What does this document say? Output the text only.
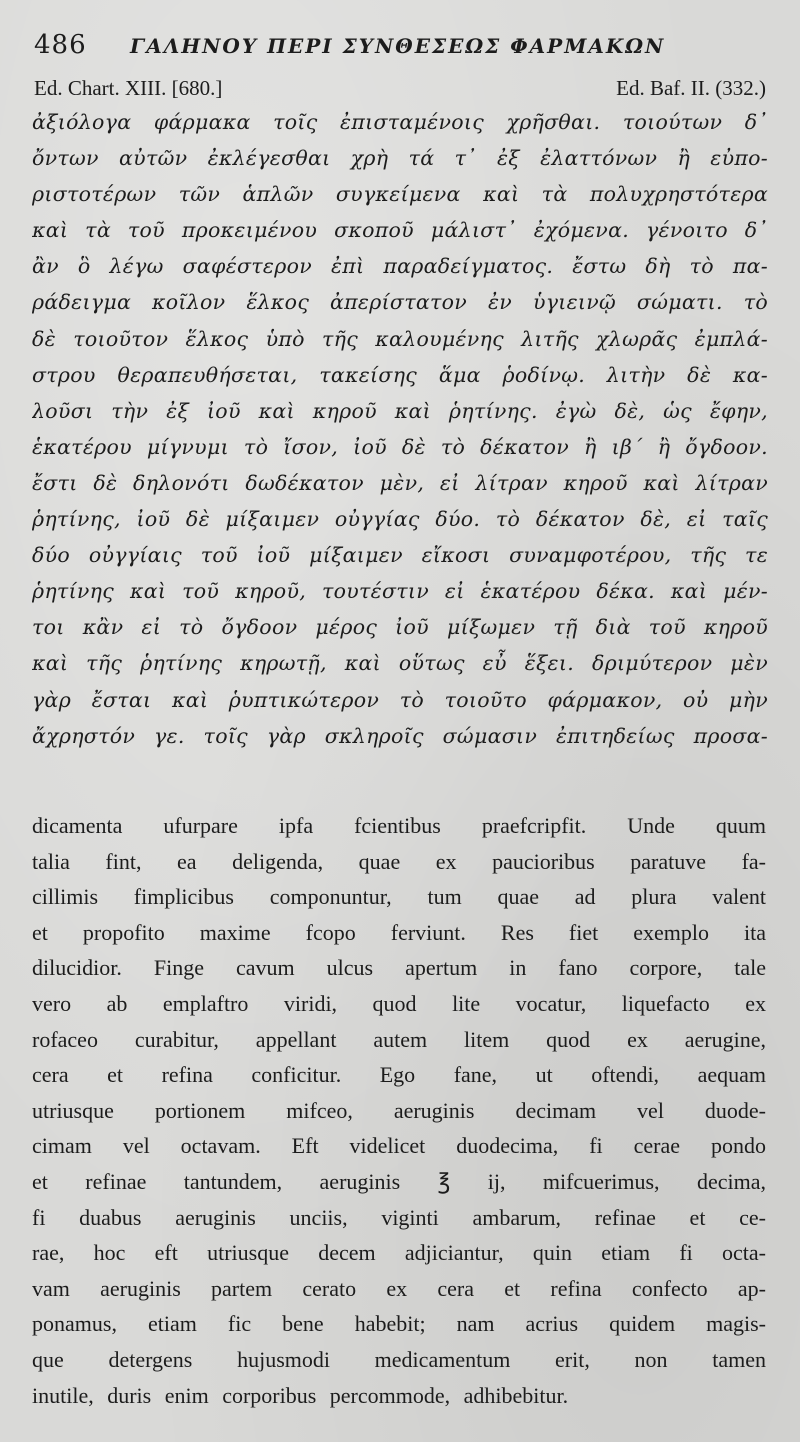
486 ΓΑΛΗΝΟΥ ΠΕΡΙ ΣΥΝΘΕΣΕΩΣ ΦΑΡΜΑΚΩΝ
Ed. Chart. XIII. [680.]	Ed. Baf. II. (332.)
ἀξιόλογα φάρμακα τοῖς ἐπισταμένοις χρῆσθαι. τοιούτων δ᾽
ὄντων αὐτῶν ἐκλέγεσθαι χρὴ τά τ᾽ ἐξ ἐλαττόνων ἢ εὐπο-
ριστοτέρων τῶν ἁπλῶν συγκείμενα καὶ τὰ πολυχρηστότερα
καὶ τὰ τοῦ προκειμένου σκοποῦ μάλιστ᾽ ἐχόμενα. γένοιτο δ᾽
ἂν ὃ λέγω σαφέστερον ἐπὶ παραδείγματος. ἔστω δὴ τὸ πα-
ράδειγμα κοῖλον ἕλκος ἀπερίστατον ἐν ὑγιεινῷ σώματι. τὸ
δὲ τοιοῦτον ἕλκος ὑπὸ τῆς καλουμένης λιτῆς χλωρᾶς ἐμπλά-
στρου θεραπευθήσεται, τακείσης ἅμα ῥοδίνῳ. λιτὴν δὲ κα-
λοῦσι τὴν ἐξ ἰοῦ καὶ κηροῦ καὶ ῥητίνης. ἐγὼ δὲ, ὡς ἔφην,
ἑκατέρου μίγνυμι τὸ ἴσον, ἰοῦ δὲ τὸ δέκατον ἢ ιβ΄ ἢ ὄγδοον.
ἔστι δὲ δηλονότι δωδέκατον μὲν, εἰ λίτραν κηροῦ καὶ λίτραν
ῥητίνης, ἰοῦ δὲ μίξαιμεν οὐγγίας δύο. τὸ δέκατον δὲ, εἰ ταῖς
δύο οὐγγίαις τοῦ ἰοῦ μίξαιμεν εἴκοσι συναμφοτέρου, τῆς τε
ῥητίνης καὶ τοῦ κηροῦ, τουτέστιν εἰ ἑκατέρου δέκα. καὶ μέν-
τοι κἂν εἰ τὸ ὄγδοον μέρος ἰοῦ μίξωμεν τῇ διὰ τοῦ κηροῦ
καὶ τῆς ῥητίνης κηρωτῇ, καὶ οὕτως εὖ ἕξει. δριμύτερον μὲν
γὰρ ἔσται καὶ ῥυπτικώτερον τὸ τοιοῦτο φάρμακον, οὐ μὴν
ἄχρηστόν γε. τοῖς γὰρ σκληροῖς σώμασιν ἐπιτηδείως προσα-
dicamenta ufurpare ipfa fcientibus praefcripfit. Unde quum
talia fint, ea deligenda, quae ex paucioribus paratuve fa-
cillimis fimplicibus componuntur, tum quae ad plura valent
et propofito maxime fcopo ferviunt. Res fiet exemplo ita
dilucidior. Finge cavum ulcus apertum in fano corpore, tale
vero ab emplaftro viridi, quod lite vocatur, liquefacto ex
rofaceo curabitur, appellant autem litem quod ex aerugine,
cera et refina conficitur. Ego fane, ut oftendi, aequam
utriusque portionem mifceo, aeruginis decimam vel duode-
cimam vel octavam. Eft videlicet duodecima, fi cerae pondo
et refinae tantundem, aeruginis ℥ ij, mifcuerimus, decima,
fi duabus aeruginis unciis, viginti ambarum, refinae et ce-
rae, hoc eft utriusque decem adjiciantur, quin etiam fi octa-
vam aeruginis partem cerato ex cera et refina confecto ap-
ponamus, etiam fic bene habebit; nam acrius quidem magis-
que detergens hujusmodi medicamentum erit, non tamen
inutile, duris enim corporibus percommode, adhibebitur.
